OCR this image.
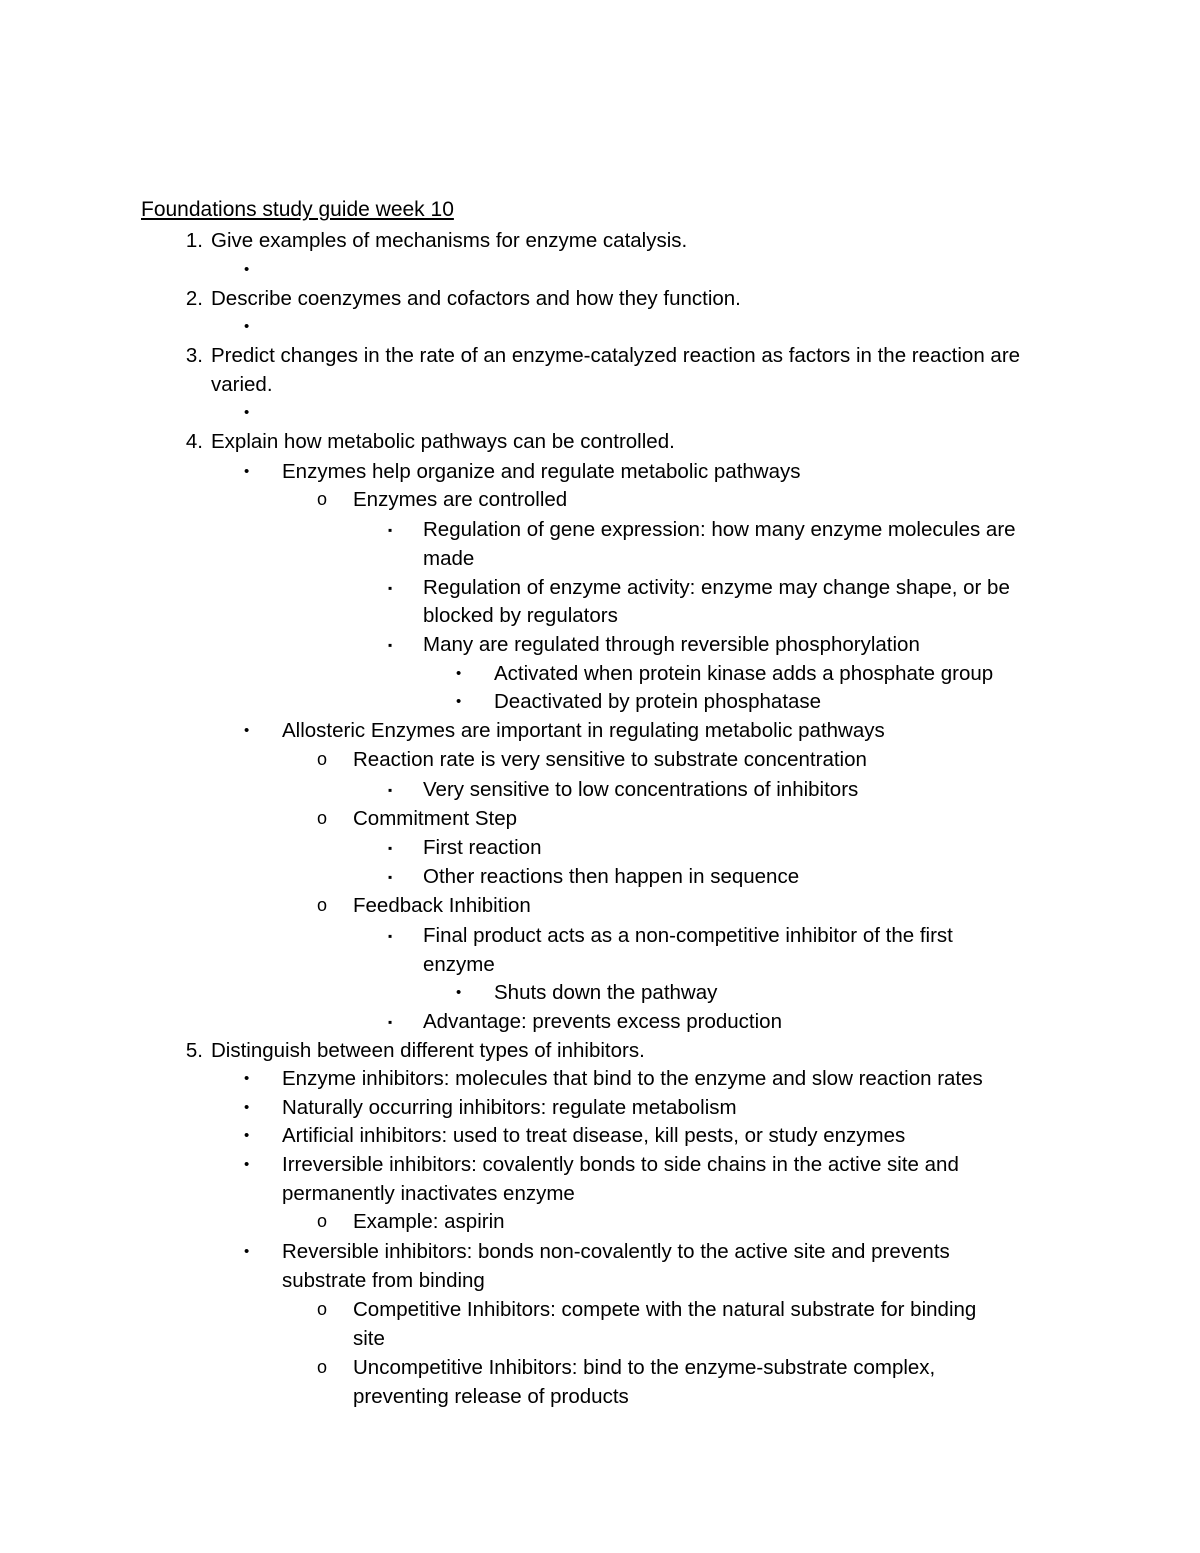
Foundations study guide week 10
1. Give examples of mechanisms for enzyme catalysis.
•
2. Describe coenzymes and cofactors and how they function.
•
3. Predict changes in the rate of an enzyme-catalyzed reaction as factors in the reaction are
varied.
•
4. Explain how metabolic pathways can be controlled.
• Enzymes help organize and regulate metabolic pathways
o Enzymes are controlled
▪ Regulation of gene expression: how many enzyme molecules are
made
▪ Regulation of enzyme activity: enzyme may change shape, or be
blocked by regulators
▪ Many are regulated through reversible phosphorylation
• Activated when protein kinase adds a phosphate group
• Deactivated by protein phosphatase
• Allosteric Enzymes are important in regulating metabolic pathways
o Reaction rate is very sensitive to substrate concentration
▪ Very sensitive to low concentrations of inhibitors
o Commitment Step
▪ First reaction
▪ Other reactions then happen in sequence
o Feedback Inhibition
▪ Final product acts as a non-competitive inhibitor of the first
enzyme
• Shuts down the pathway
▪ Advantage: prevents excess production
5. Distinguish between different types of inhibitors.
• Enzyme inhibitors: molecules that bind to the enzyme and slow reaction rates
• Naturally occurring inhibitors: regulate metabolism
• Artificial inhibitors: used to treat disease, kill pests, or study enzymes
• Irreversible inhibitors: covalently bonds to side chains in the active site and
permanently inactivates enzyme
o Example: aspirin
• Reversible inhibitors: bonds non-covalently to the active site and prevents
substrate from binding
o Competitive Inhibitors: compete with the natural substrate for binding
site
o Uncompetitive Inhibitors: bind to the enzyme-substrate complex,
preventing release of products
